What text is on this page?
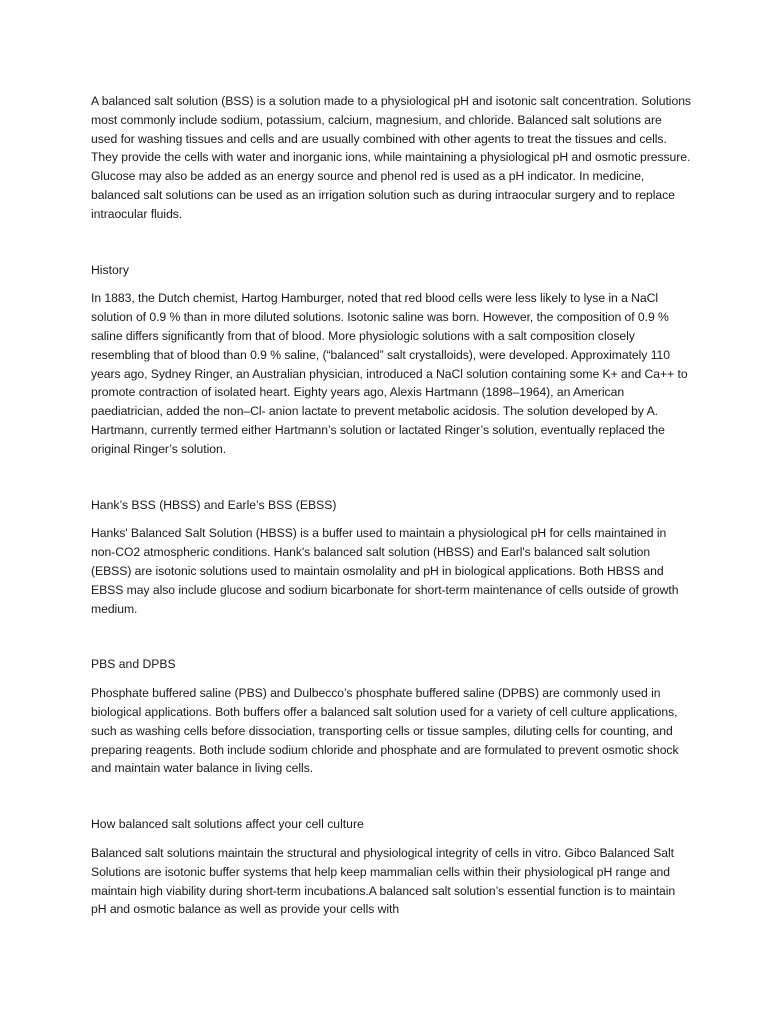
A balanced salt solution (BSS) is a solution made to a physiological pH and isotonic salt concentration. Solutions most commonly include sodium, potassium, calcium, magnesium, and chloride. Balanced salt solutions are used for washing tissues and cells and are usually combined with other agents to treat the tissues and cells. They provide the cells with water and inorganic ions, while maintaining a physiological pH and osmotic pressure. Glucose may also be added as an energy source and phenol red is used as a pH indicator. In medicine, balanced salt solutions can be used as an irrigation solution such as during intraocular surgery and to replace intraocular fluids.

History

In 1883, the Dutch chemist, Hartog Hamburger, noted that red blood cells were less likely to lyse in a NaCl solution of 0.9 % than in more diluted solutions. Isotonic saline was born. However, the composition of 0.9 % saline differs significantly from that of blood. More physiologic solutions with a salt composition closely resembling that of blood than 0.9 % saline, (“balanced” salt crystalloids), were developed. Approximately 110 years ago, Sydney Ringer, an Australian physician, introduced a NaCl solution containing some K+ and Ca++ to promote contraction of isolated heart. Eighty years ago, Alexis Hartmann (1898–1964), an American paediatrician, added the non–Cl- anion lactate to prevent metabolic acidosis. The solution developed by A. Hartmann, currently termed either Hartmann’s solution or lactated Ringer’s solution, eventually replaced the original Ringer’s solution.

Hank’s BSS (HBSS) and Earle’s BSS (EBSS)

Hanks' Balanced Salt Solution (HBSS) is a buffer used to maintain a physiological pH for cells maintained in non-CO2 atmospheric conditions. Hank's balanced salt solution (HBSS) and Earl's balanced salt solution (EBSS) are isotonic solutions used to maintain osmolality and pH in biological applications. Both HBSS and EBSS may also include glucose and sodium bicarbonate for short-term maintenance of cells outside of growth medium.

PBS and DPBS

Phosphate buffered saline (PBS) and Dulbecco’s phosphate buffered saline (DPBS) are commonly used in biological applications. Both buffers offer a balanced salt solution used for a variety of cell culture applications, such as washing cells before dissociation, transporting cells or tissue samples, diluting cells for counting, and preparing reagents. Both include sodium chloride and phosphate and are formulated to prevent osmotic shock and maintain water balance in living cells.

How balanced salt solutions affect your cell culture

Balanced salt solutions maintain the structural and physiological integrity of cells in vitro. Gibco Balanced Salt Solutions are isotonic buffer systems that help keep mammalian cells within their physiological pH range and maintain high viability during short-term incubations.A balanced salt solution’s essential function is to maintain pH and osmotic balance as well as provide your cells with
